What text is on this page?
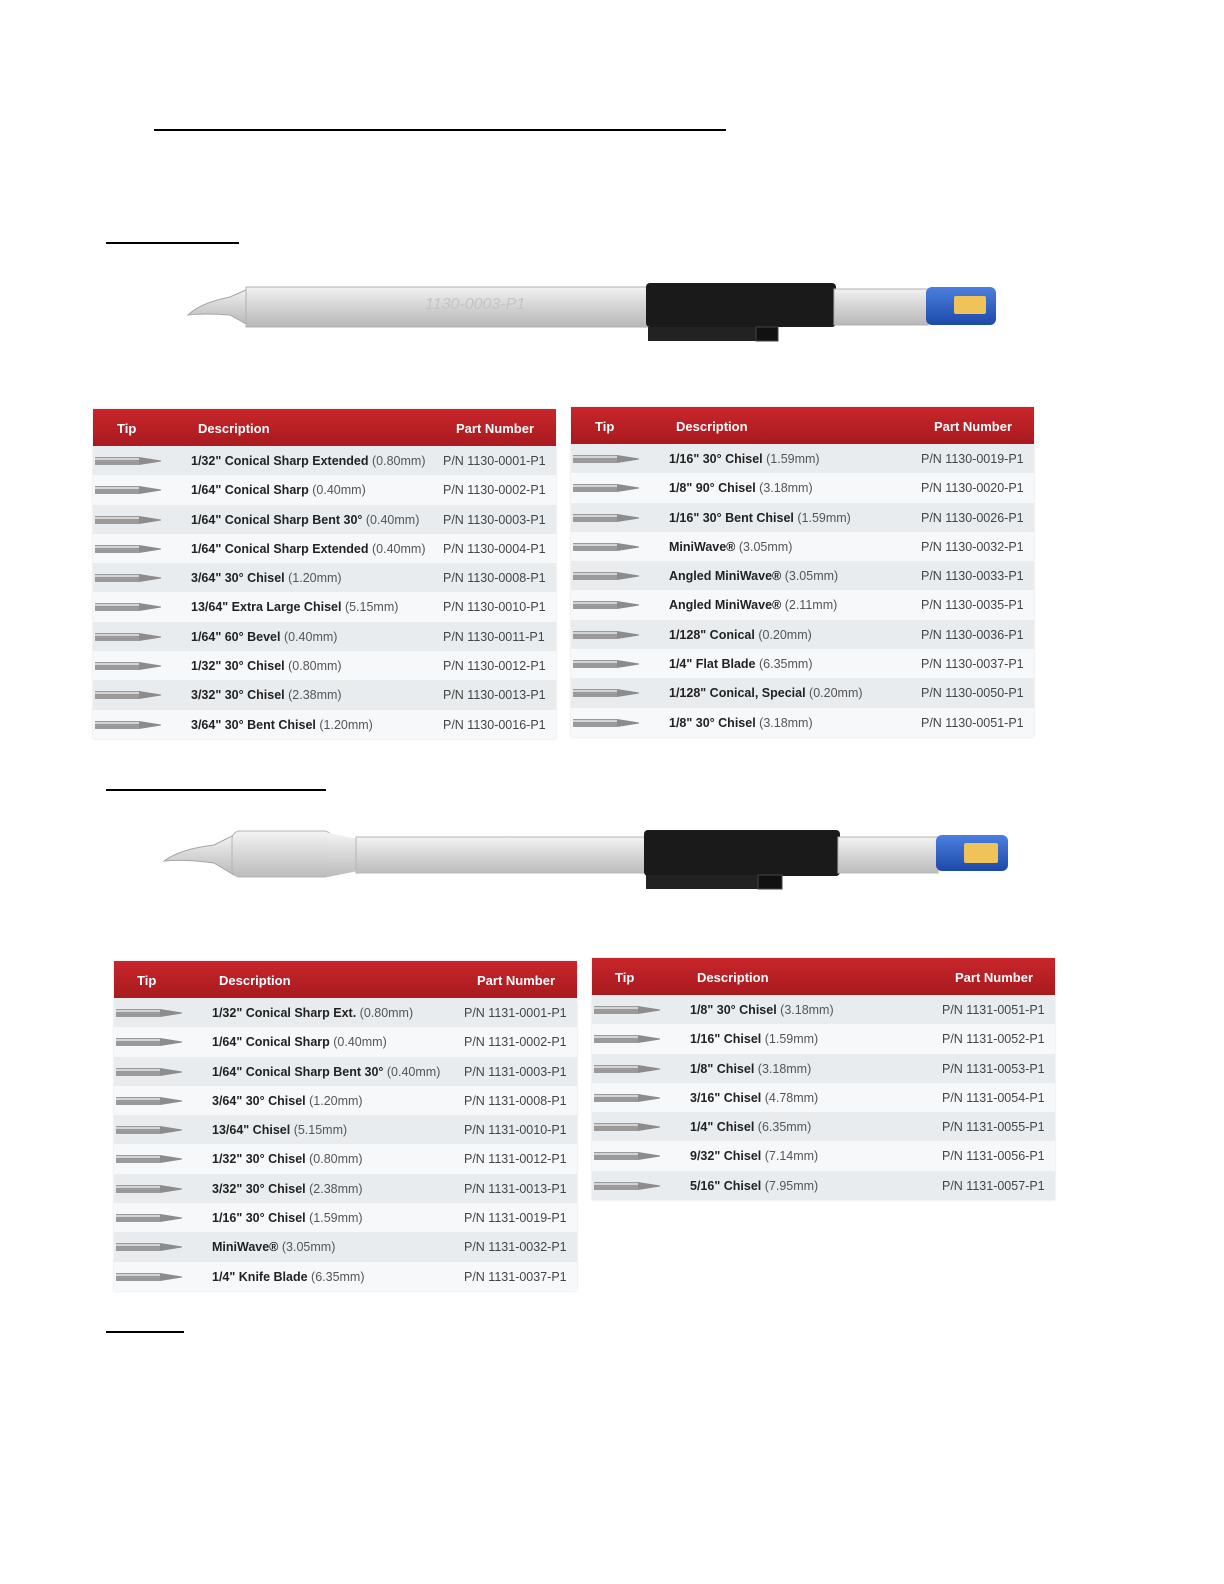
1130-0003-P1
Tip	Description	Part Number
1/32" Conical Sharp Extended (0.80mm) P/N 1130-0001-P1
1/64" Conical Sharp (0.40mm)	P/N 1130-0002-P1
1/64" Conical Sharp Bent 30° (0.40mm) P/N 1130-0003-P1
1/64" Conical Sharp Extended (0.40mm) P/N 1130-0004-P1
3/64" 30° Chisel (1.20mm)	P/N 1130-0008-P1
13/64" Extra Large Chisel (5.15mm)	P/N 1130-0010-P1
1/64" 60° Bevel (0.40mm)	P/N 1130-0011-P1
1/32" 30° Chisel (0.80mm)	P/N 1130-0012-P1
3/32" 30° Chisel (2.38mm)	P/N 1130-0013-P1
3/64" 30° Bent Chisel (1.20mm)	P/N 1130-0016-P1
Tip	Description	Part Number
1/16" 30° Chisel (1.59mm)	P/N 1130-0019-P1
1/8" 90° Chisel (3.18mm)	P/N 1130-0020-P1
1/16" 30° Bent Chisel (1.59mm)	P/N 1130-0026-P1
MiniWave® (3.05mm)	P/N 1130-0032-P1
Angled MiniWave® (3.05mm)	P/N 1130-0033-P1
Angled MiniWave® (2.11mm)	P/N 1130-0035-P1
1/128" Conical (0.20mm)	P/N 1130-0036-P1
1/4" Flat Blade (6.35mm)	P/N 1130-0037-P1
1/128" Conical, Special (0.20mm)	P/N 1130-0050-P1
1/8" 30° Chisel (3.18mm)	P/N 1130-0051-P1
Tip	Description	Part Number
1/32" Conical Sharp Ext. (0.80mm)	P/N 1131-0001-P1
1/64" Conical Sharp (0.40mm)	P/N 1131-0002-P1
1/64" Conical Sharp Bent 30° (0.40mm) P/N 1131-0003-P1
3/64" 30° Chisel (1.20mm)	P/N 1131-0008-P1
13/64" Chisel (5.15mm)	P/N 1131-0010-P1
1/32" 30° Chisel (0.80mm)	P/N 1131-0012-P1
3/32" 30° Chisel (2.38mm)	P/N 1131-0013-P1
1/16" 30° Chisel (1.59mm)	P/N 1131-0019-P1
MiniWave® (3.05mm)	P/N 1131-0032-P1
1/4" Knife Blade (6.35mm)	P/N 1131-0037-P1
Tip	Description	Part Number
1/8" 30° Chisel (3.18mm)	P/N 1131-0051-P1
1/16" Chisel (1.59mm)	P/N 1131-0052-P1
1/8" Chisel (3.18mm)	P/N 1131-0053-P1
3/16" Chisel (4.78mm)	P/N 1131-0054-P1
1/4" Chisel (6.35mm)	P/N 1131-0055-P1
9/32" Chisel (7.14mm)	P/N 1131-0056-P1
5/16" Chisel (7.95mm)	P/N 1131-0057-P1
